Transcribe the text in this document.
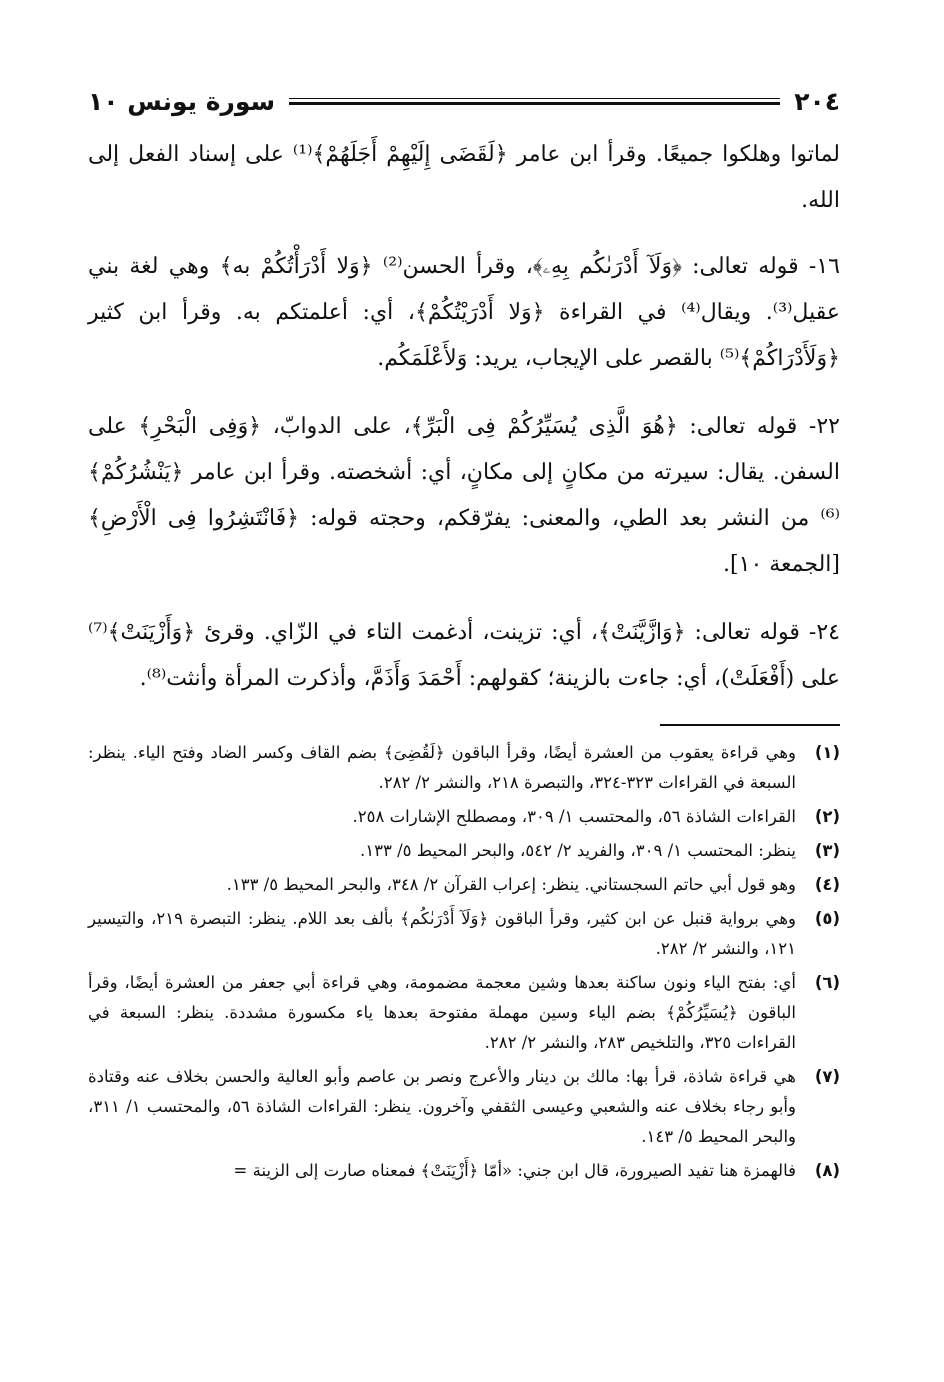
٢٠٤
سورة يونس ١٠

لماتوا وهلكوا جميعًا. وقرأ ابن عامر ﴿لَقَضَى إِلَيْهِمْ أَجَلَهُمْ﴾⁽¹⁾ على إسناد الفعل إلى الله.

١٦- قوله تعالى: ﴿وَلَآ أَدْرَىٰكُم بِهِۦ﴾، وقرأ الحسن⁽²⁾ ﴿وَلا أَدْرَأْتُكُمْ به﴾ وهي لغة بني عقيل⁽³⁾. ويقال⁽⁴⁾ في القراءة ﴿وَلا أَدْرَيْتُكُمْ﴾، أي: أعلمتكم به. وقرأ ابن كثير ﴿وَلَأَدْرَاكُمْ﴾⁽⁵⁾ بالقصر على الإيجاب، يريد: وَلأَعْلَمَكُم.

٢٢- قوله تعالى: ﴿هُوَ الَّذِى يُسَيِّرُكُمْ فِى الْبَرِّ﴾، على الدوابّ، ﴿وَفِى الْبَحْرِ﴾ على السفن. يقال: سيرته من مكانٍ إلى مكانٍ، أي: أشخصته. وقرأ ابن عامر ﴿يَنْشُرُكُمْ﴾⁽⁶⁾ من النشر بعد الطي، والمعنى: يفرّقكم، وحجته قوله: ﴿فَانْتَشِرُوا فِى الْأَرْضِ﴾ [الجمعة ١٠].

٢٤- قوله تعالى: ﴿وَازَّيَّنَتْ﴾، أي: تزينت، أدغمت التاء في الزّاي. وقرئ ﴿وَأَزْيَنَتْ﴾⁽⁷⁾ على (أَفْعَلَتْ)، أي: جاءت بالزينة؛ كقولهم: أَحْمَدَ وَأَذَمَّ، وأذكرت المرأة وأنثت⁽⁸⁾.

(١)
وهي قراءة يعقوب من العشرة أيضًا، وقرأ الباقون ﴿لَقُضِىَ﴾ بضم القاف وكسر الضاد وفتح الياء. ينظر: السبعة في القراءات ٣٢٣-٣٢٤، والتبصرة ٢١٨، والنشر ٢/ ٢٨٢.
(٢)
القراءات الشاذة ٥٦، والمحتسب ١/ ٣٠٩، ومصطلح الإشارات ٢٥٨.
(٣)
ينظر: المحتسب ١/ ٣٠٩، والفريد ٢/ ٥٤٢، والبحر المحيط ٥/ ١٣٣.
(٤)
وهو قول أبي حاتم السجستاني. ينظر: إعراب القرآن ٢/ ٣٤٨، والبحر المحيط ٥/ ١٣٣.
(٥)
وهي برواية قنبل عن ابن كثير، وقرأ الباقون ﴿وَلَآ أَدْرَىٰكُم﴾ بألف بعد اللام. ينظر: التبصرة ٢١٩، والتيسير ١٢١، والنشر ٢/ ٢٨٢.
(٦)
أي: بفتح الياء ونون ساكنة بعدها وشين معجمة مضمومة، وهي قراءة أبي جعفر من العشرة أيضًا، وقرأ الباقون ﴿يُسَيِّرُكُمْ﴾ بضم الياء وسين مهملة مفتوحة بعدها ياء مكسورة مشددة. ينظر: السبعة في القراءات ٣٢٥، والتلخيص ٢٨٣، والنشر ٢/ ٢٨٢.
(٧)
هي قراءة شاذة، قرأ بها: مالك بن دينار والأعرج ونصر بن عاصم وأبو العالية والحسن بخلاف عنه وقتادة وأبو رجاء بخلاف عنه والشعبي وعيسى الثقفي وآخرون. ينظر: القراءات الشاذة ٥٦، والمحتسب ١/ ٣١١، والبحر المحيط ٥/ ١٤٣.
(٨)
فالهمزة هنا تفيد الصيرورة، قال ابن جني: «أمّا ﴿أَزْيَنَتْ﴾ فمعناه صارت إلى الزينة =
